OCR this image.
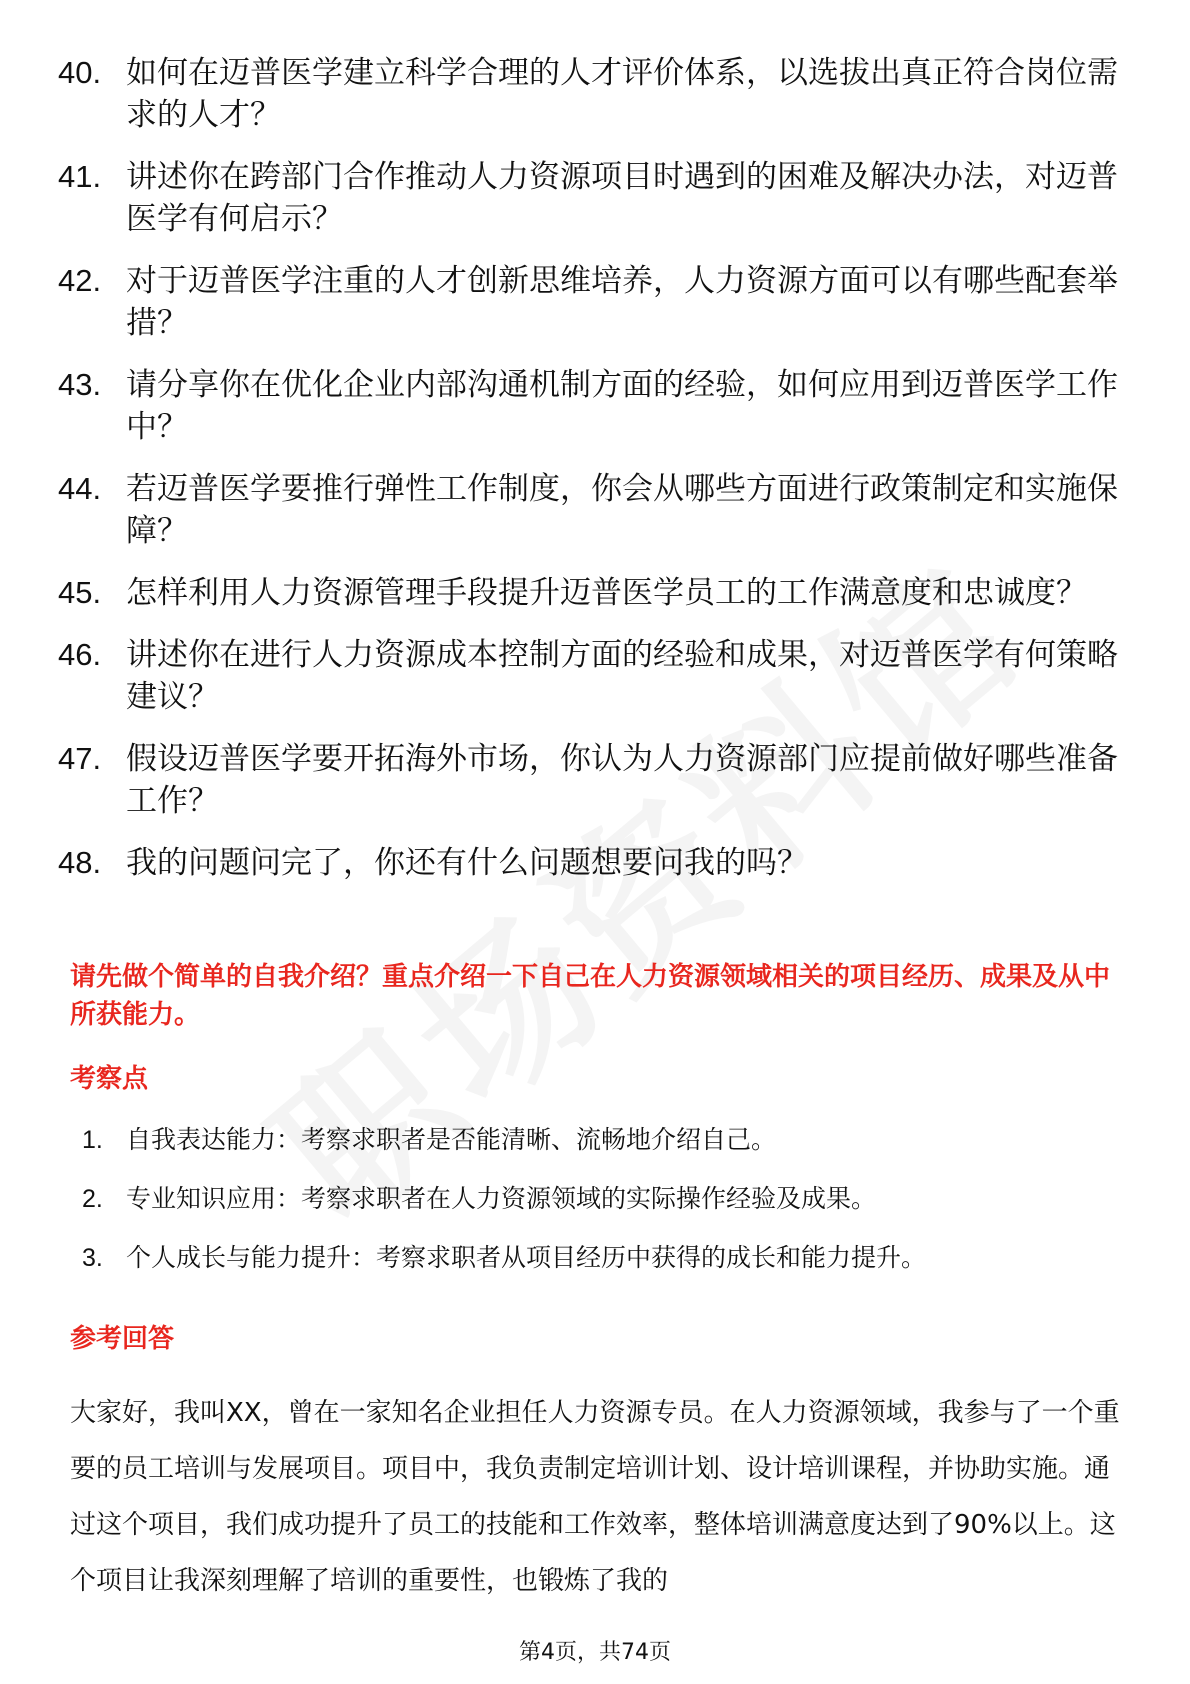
40. 如何在迈普医学建立科学合理的人才评价体系，以选拔出真正符合岗位需求的人才？
41. 讲述你在跨部门合作推动人力资源项目时遇到的困难及解决办法，对迈普医学有何启示？
42. 对于迈普医学注重的人才创新思维培养，人力资源方面可以有哪些配套举措？
43. 请分享你在优化企业内部沟通机制方面的经验，如何应用到迈普医学工作中？
44. 若迈普医学要推行弹性工作制度，你会从哪些方面进行政策制定和实施保障？
45. 怎样利用人力资源管理手段提升迈普医学员工的工作满意度和忠诚度？
46. 讲述你在进行人力资源成本控制方面的经验和成果，对迈普医学有何策略建议？
47. 假设迈普医学要开拓海外市场，你认为人力资源部门应提前做好哪些准备工作？
48. 我的问题问完了，你还有什么问题想要问我的吗？
请先做个简单的自我介绍？重点介绍一下自己在人力资源领域相关的项目经历、成果及从中所获能力。
考察点
1. 自我表达能力：考察求职者是否能清晰、流畅地介绍自己。
2. 专业知识应用：考察求职者在人力资源领域的实际操作经验及成果。
3. 个人成长与能力提升：考察求职者从项目经历中获得的成长和能力提升。
参考回答

大家好，我叫XX，曾在一家知名企业担任人力资源专员。在人力资源领域，我参与了一个重要的员工培训与发展项目。项目中，我负责制定培训计划、设计培训课程，并协助实施。通过这个项目，我们成功提升了员工的技能和工作效率，整体培训满意度达到了90%以上。这个项目让我深刻理解了培训的重要性，也锻炼了我的

第4页，共74页
